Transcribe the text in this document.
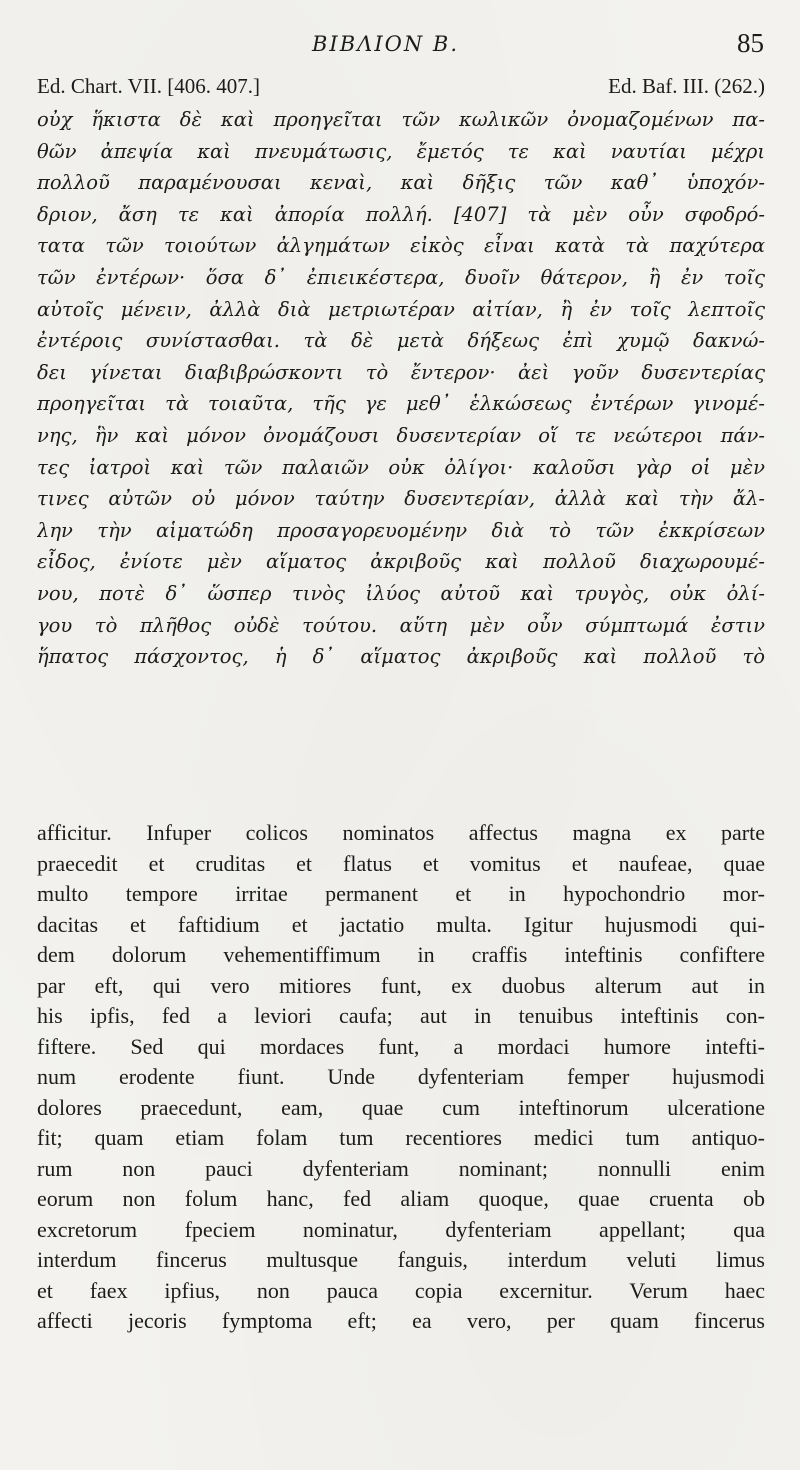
ΒΙΒΛΙΟΝ Β.	85
Ed. Chart. VII. [406. 407.]	Ed. Baf. III. (262.)
οὐχ ἥκιστα δὲ καὶ προηγεῖται τῶν κωλικῶν ὀνομαζομένων πα-
θῶν ἀπεψία καὶ πνευμάτωσις, ἔμετός τε καὶ ναυτίαι μέχρι
πολλοῦ παραμένουσαι κεναὶ, καὶ δῆξις τῶν καθ᾽ ὑποχόν-
δριον, ἄση τε καὶ ἀπορία πολλή. [407] τὰ μὲν οὖν σφοδρό-
τατα τῶν τοιούτων ἀλγημάτων εἰκὸς εἶναι κατὰ τὰ παχύτερα
τῶν ἐντέρων· ὅσα δ᾽ ἐπιεικέστερα, δυοῖν θάτερον, ἢ ἐν τοῖς
αὐτοῖς μένειν, ἀλλὰ διὰ μετριωτέραν αἰτίαν, ἢ ἐν τοῖς λεπτοῖς
ἐντέροις συνίστασθαι. τὰ δὲ μετὰ δήξεως ἐπὶ χυμῷ δακνώ-
δει γίνεται διαβιβρώσκοντι τὸ ἔντερον· ἀεὶ γοῦν δυσεντερίας
προηγεῖται τὰ τοιαῦτα, τῆς γε μεθ᾽ ἑλκώσεως ἐντέρων γινομέ-
νης, ἣν καὶ μόνον ὀνομάζουσι δυσεντερίαν οἵ τε νεώτεροι πάν-
τες ἰατροὶ καὶ τῶν παλαιῶν οὐκ ὀλίγοι· καλοῦσι γὰρ οἱ μὲν
τινες αὐτῶν οὐ μόνον ταύτην δυσεντερίαν, ἀλλὰ καὶ τὴν ἄλ-
λην τὴν αἱματώδη προσαγορευομένην διὰ τὸ τῶν ἐκκρίσεων
εἶδος, ἐνίοτε μὲν αἵματος ἀκριβοῦς καὶ πολλοῦ διαχωρουμέ-
νου, ποτὲ δ᾽ ὥσπερ τινὸς ἰλύος αὐτοῦ καὶ τρυγὸς, οὐκ ὀλί-
γου τὸ πλῆθος οὐδὲ τούτου. αὕτη μὲν οὖν σύμπτωμά ἐστιν
ἥπατος πάσχοντος, ἡ δ᾽ αἵματος ἀκριβοῦς καὶ πολλοῦ τὸ
afficitur. Infuper colicos nominatos affectus magna ex parte
praecedit et cruditas et flatus et vomitus et naufeae, quae
multo tempore irritae permanent et in hypochondrio mor-
dacitas et faftidium et jactatio multa. Igitur hujusmodi qui-
dem dolorum vehementiffimum in craffis inteftinis confiftere
par eft, qui vero mitiores funt, ex duobus alterum aut in
his ipfis, fed a leviori caufa; aut in tenuibus inteftinis con-
fiftere. Sed qui mordaces funt, a mordaci humore intefti-
num erodente fiunt. Unde dyfenteriam femper hujusmodi
dolores praecedunt, eam, quae cum inteftinorum ulceratione
fit; quam etiam folam tum recentiores medici tum antiquo-
rum non pauci dyfenteriam nominant; nonnulli enim
eorum non folum hanc, fed aliam quoque, quae cruenta ob
excretorum fpeciem nominatur, dyfenteriam appellant; qua
interdum fincerus multusque fanguis, interdum veluti limus
et faex ipfius, non pauca copia excernitur. Verum haec
affecti jecoris fymptoma eft; ea vero, per quam fincerus
